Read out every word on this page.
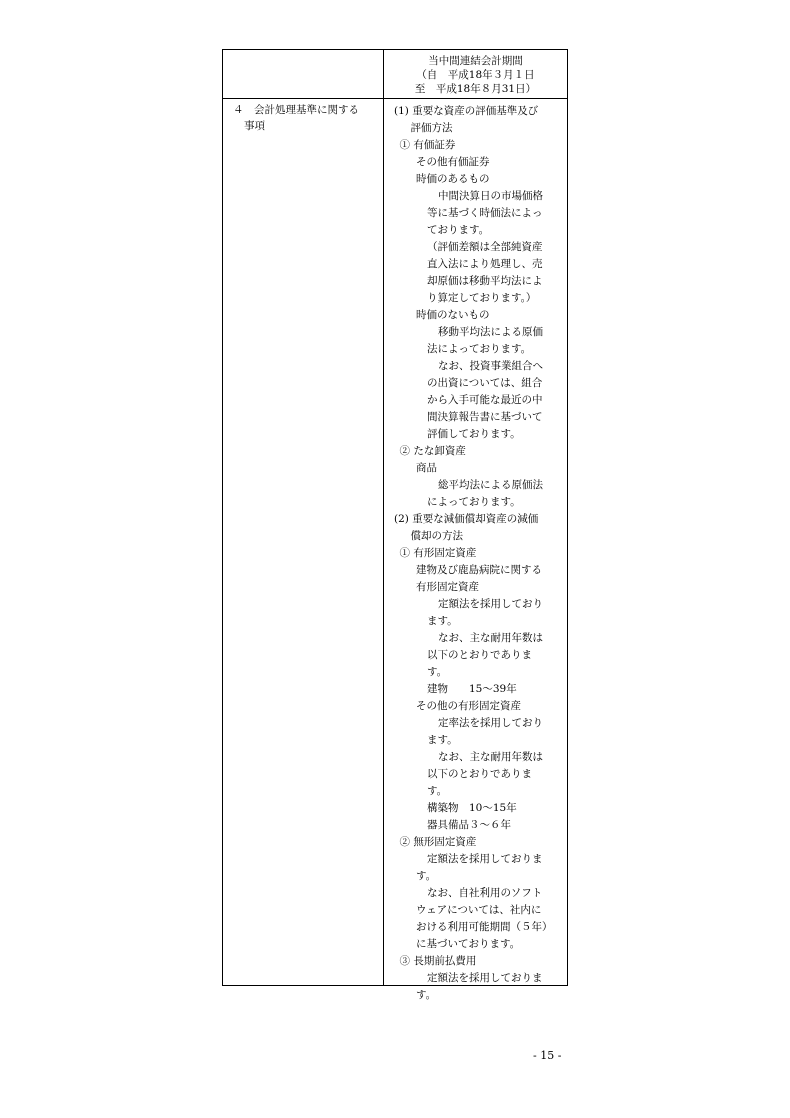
当中間連結会計期間
（自　平成18年３月１日
至　平成18年８月31日）
４　会計処理基準に関する
事項
(1) 重要な資産の評価基準及び
評価方法
① 有価証券
その他有価証券
時価のあるもの
中間決算日の市場価格
等に基づく時価法によっ
ております。
（評価差額は全部純資産
直入法により処理し、売
却原価は移動平均法によ
り算定しております。）
時価のないもの
移動平均法による原価
法によっております。
なお、投資事業組合へ
の出資については、組合
から入手可能な最近の中
間決算報告書に基づいて
評価しております。
② たな卸資産
商品
総平均法による原価法
によっております。
(2) 重要な減価償却資産の減価
償却の方法
① 有形固定資産
建物及び鹿島病院に関する
有形固定資産
定額法を採用しており
ます。
なお、主な耐用年数は
以下のとおりでありま
す。
建物　　15～39年
その他の有形固定資産
定率法を採用しており
ます。
なお、主な耐用年数は
以下のとおりでありま
す。
構築物　10～15年
器具備品３～６年
② 無形固定資産
定額法を採用しておりま
す。
なお、自社利用のソフト
ウェアについては、社内に
おける利用可能期間（５年）
に基づいております。
③ 長期前払費用
定額法を採用しておりま
す。
- 15 -
